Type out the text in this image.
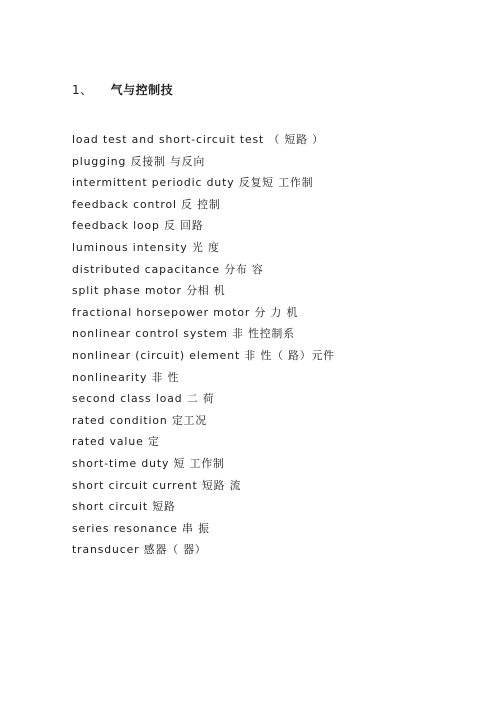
1、 气与控制技
load test and short-circuit test （ 短路 ）
plugging 反接制 与反向
intermittent periodic duty 反复短 工作制
feedback control 反 控制
feedback loop 反 回路
luminous intensity 光 度
distributed capacitance 分布 容
split phase motor 分相 机
fractional horsepower motor 分 力 机
nonlinear control system 非 性控制系
nonlinear (circuit) element 非 性（ 路）元件
nonlinearity 非 性
second class load 二 荷
rated condition 定工况
rated value 定
short-time duty 短 工作制
short circuit current 短路 流
short circuit 短路
series resonance 串 振
transducer 感器（ 器）
